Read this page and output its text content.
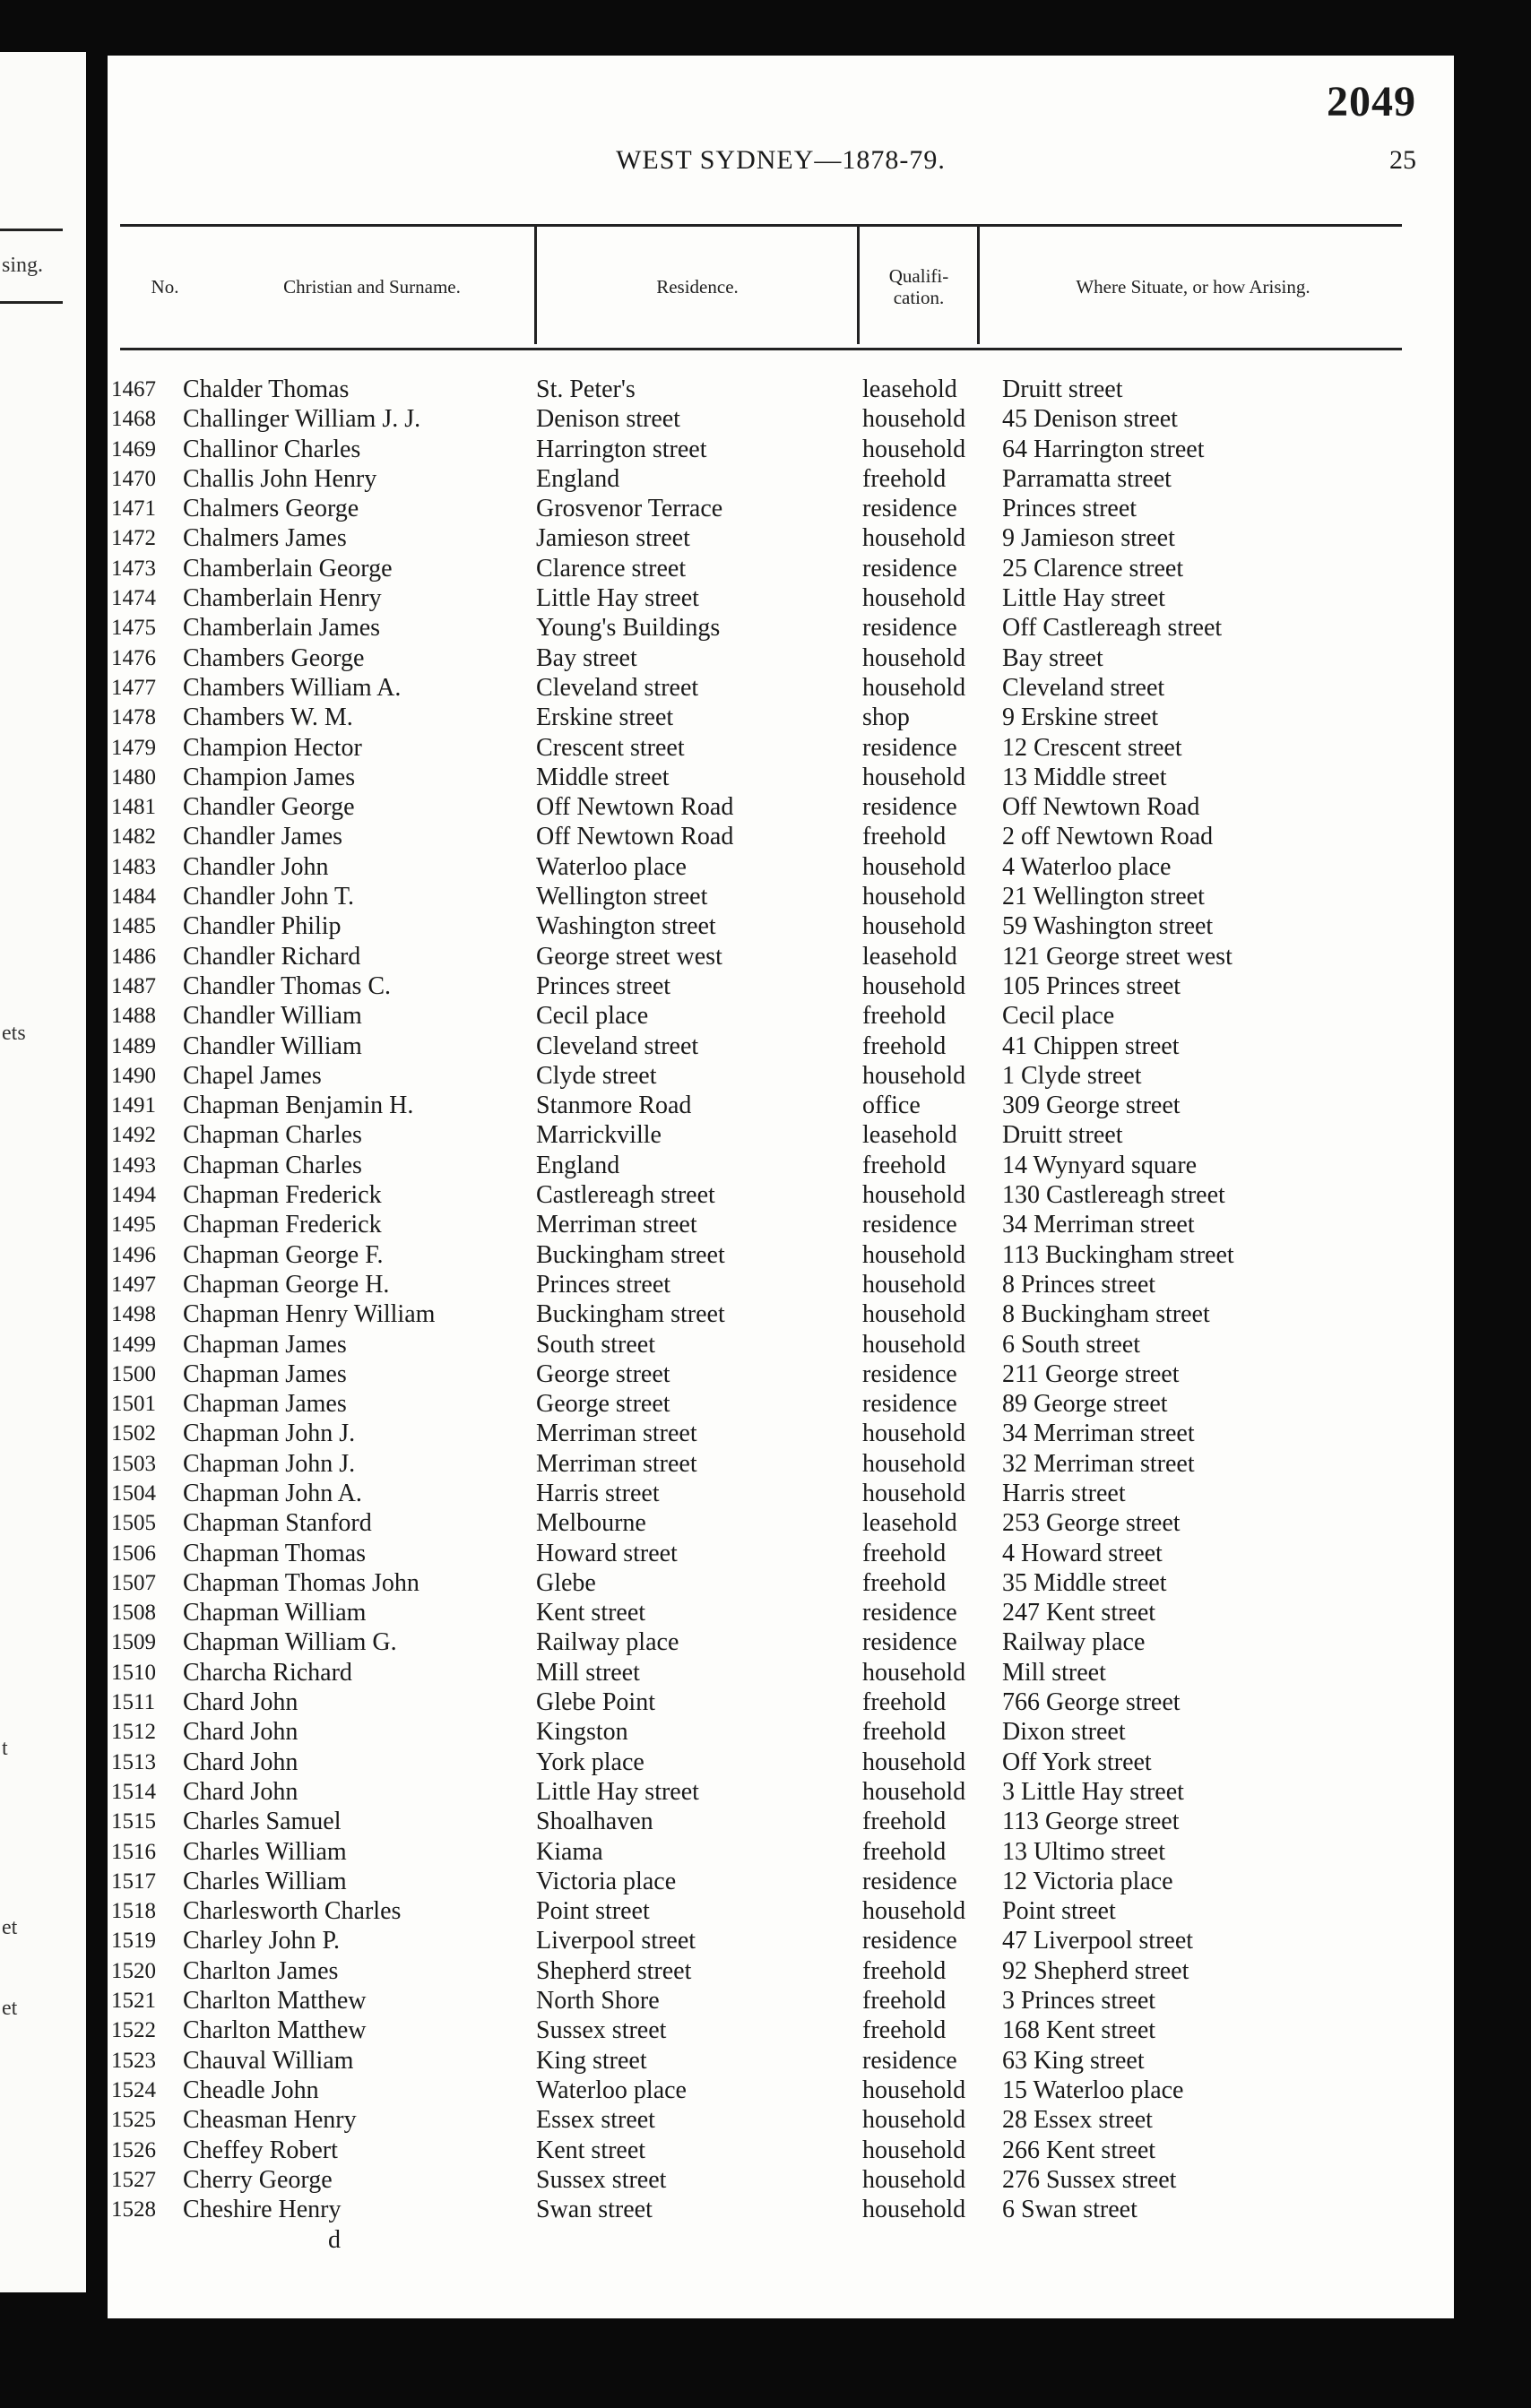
sing.
ets
t
et
et
2049
WEST SYDNEY—1878-79.	25
No.	Christian and Surname.	Residence.	Qualifi-
cation.	Where Situate, or how Arising.
1467 Chalder Thomas	St. Peter's	leasehold Druitt street
1468 Challinger William J. J.	Denison street	household 45 Denison street
1469 Challinor Charles	Harrington street	household 64 Harrington street
1470 Challis John Henry	England	freehold Parramatta street
1471 Chalmers George	Grosvenor Terrace	residence Princes street
1472 Chalmers James	Jamieson street	household 9 Jamieson street
1473 Chamberlain George	Clarence street	residence 25 Clarence street
1474 Chamberlain Henry	Little Hay street	household Little Hay street
1475 Chamberlain James	Young's Buildings	residence Off Castlereagh street
1476 Chambers George	Bay street	household Bay street
1477 Chambers William A.	Cleveland street	household Cleveland street
1478 Chambers W. M.	Erskine street	shop	9 Erskine street
1479 Champion Hector	Crescent street	residence 12 Crescent street
1480 Champion James	Middle street	household 13 Middle street
1481 Chandler George	Off Newtown Road	residence Off Newtown Road
1482 Chandler James	Off Newtown Road	freehold 2 off Newtown Road
1483 Chandler John	Waterloo place	household 4 Waterloo place
1484 Chandler John T.	Wellington street	household 21 Wellington street
1485 Chandler Philip	Washington street	household 59 Washington street
1486 Chandler Richard	George street west	leasehold 121 George street west
1487 Chandler Thomas C.	Princes street	household 105 Princes street
1488 Chandler William	Cecil place	freehold Cecil place
1489 Chandler William	Cleveland street	freehold 41 Chippen street
1490 Chapel James	Clyde street	household 1 Clyde street
1491 Chapman Benjamin H.	Stanmore Road	office	309 George street
1492 Chapman Charles	Marrickville	leasehold Druitt street
1493 Chapman Charles	England	freehold 14 Wynyard square
1494 Chapman Frederick	Castlereagh street	household 130 Castlereagh street
1495 Chapman Frederick	Merriman street	residence 34 Merriman street
1496 Chapman George F.	Buckingham street	household 113 Buckingham street
1497 Chapman George H.	Princes street	household 8 Princes street
1498 Chapman Henry William	Buckingham street	household 8 Buckingham street
1499 Chapman James	South street	household 6 South street
1500 Chapman James	George street	residence 211 George street
1501 Chapman James	George street	residence 89 George street
1502 Chapman John J.	Merriman street	household 34 Merriman street
1503 Chapman John J.	Merriman street	household 32 Merriman street
1504 Chapman John A.	Harris street	household Harris street
1505 Chapman Stanford	Melbourne	leasehold 253 George street
1506 Chapman Thomas	Howard street	freehold 4 Howard street
1507 Chapman Thomas John	Glebe	freehold 35 Middle street
1508 Chapman William	Kent street	residence 247 Kent street
1509 Chapman William G.	Railway place	residence Railway place
1510 Charcha Richard	Mill street	household Mill street
1511 Chard John	Glebe Point	freehold 766 George street
1512 Chard John	Kingston	freehold Dixon street
1513 Chard John	York place	household Off York street
1514 Chard John	Little Hay street	household 3 Little Hay street
1515 Charles Samuel	Shoalhaven	freehold 113 George street
1516 Charles William	Kiama	freehold 13 Ultimo street
1517 Charles William	Victoria place	residence 12 Victoria place
1518 Charlesworth Charles	Point street	household Point street
1519 Charley John P.	Liverpool street	residence 47 Liverpool street
1520 Charlton James	Shepherd street	freehold 92 Shepherd street
1521 Charlton Matthew	North Shore	freehold 3 Princes street
1522 Charlton Matthew	Sussex street	freehold 168 Kent street
1523 Chauval William	King street	residence 63 King street
1524 Cheadle John	Waterloo place	household 15 Waterloo place
1525 Cheasman Henry	Essex street	household 28 Essex street
1526 Cheffey Robert	Kent street	household 266 Kent street
1527 Cherry George	Sussex street	household 276 Sussex street
1528 Cheshire Henry	Swan street	household 6 Swan street
d
